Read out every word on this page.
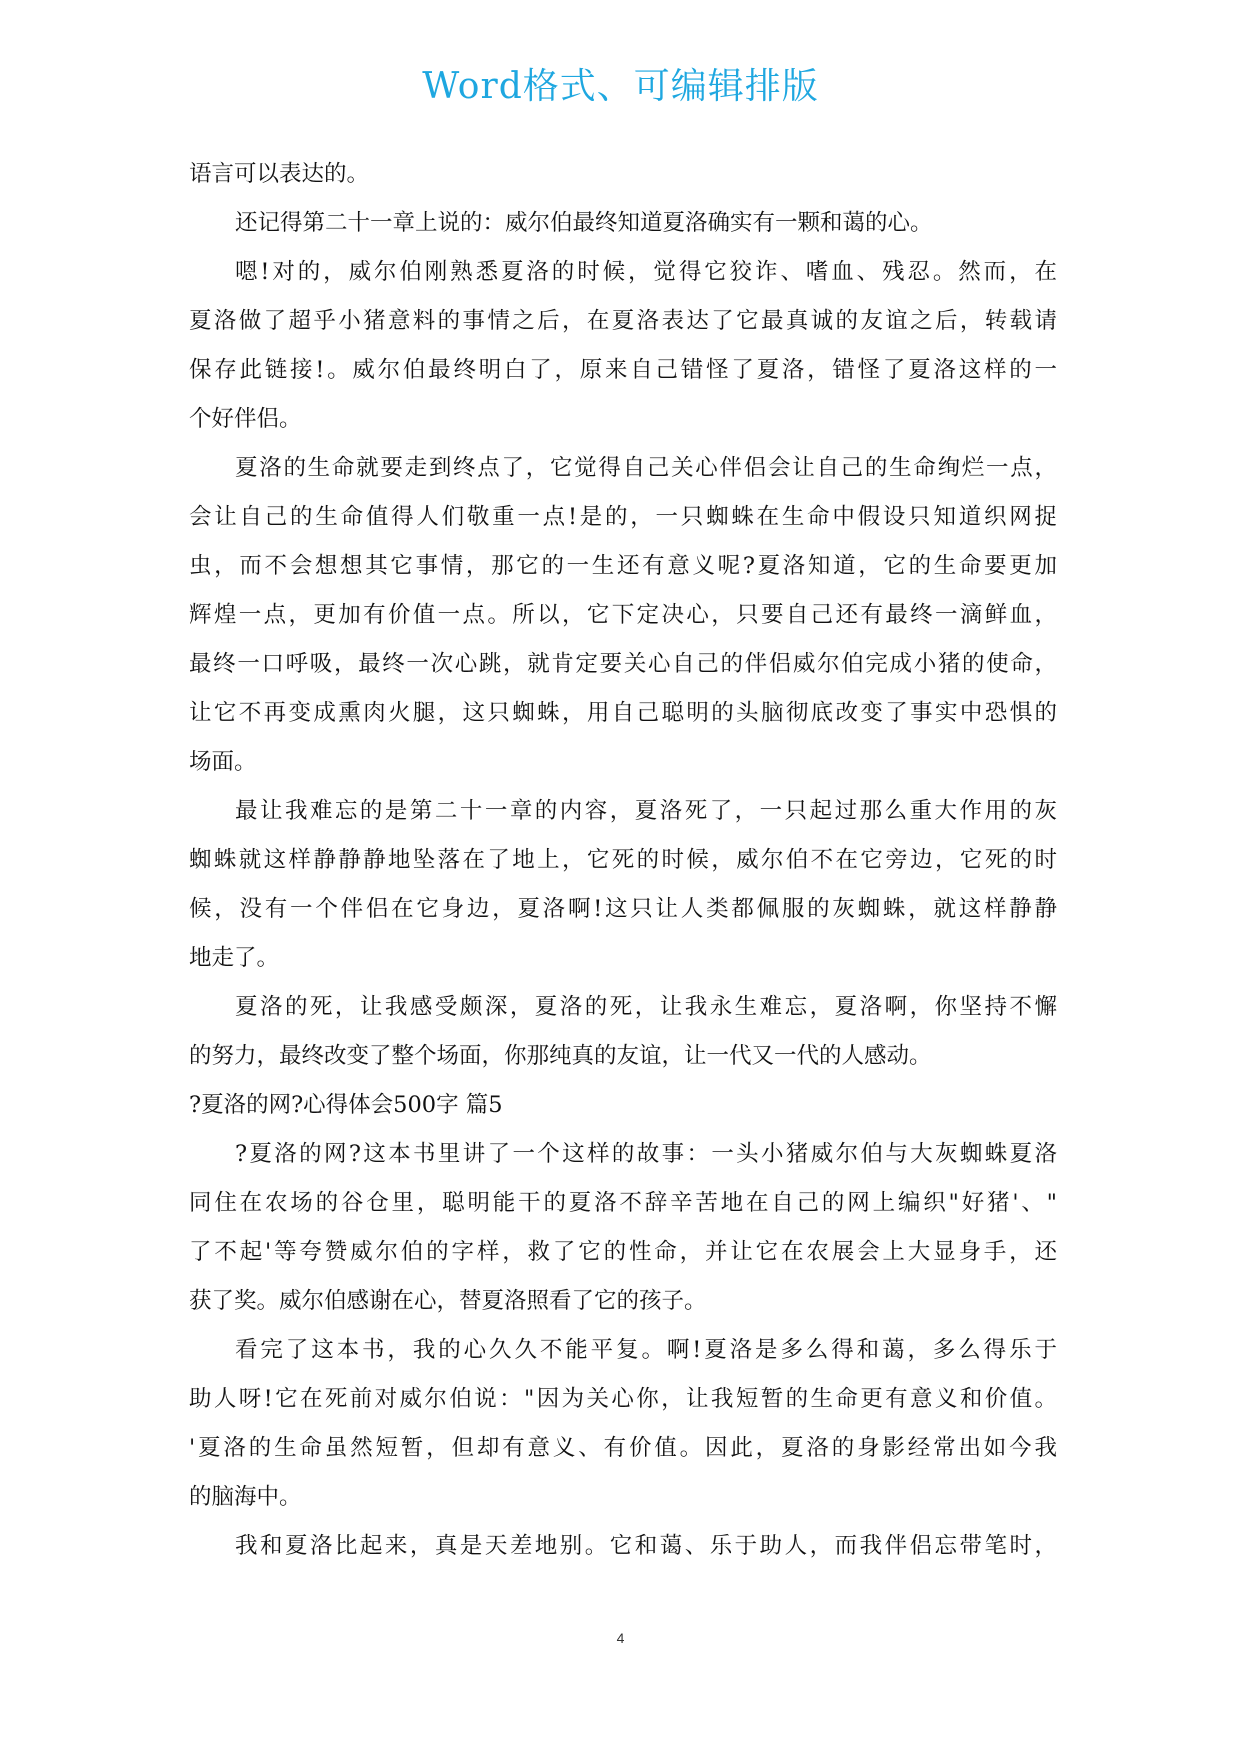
Word格式、可编辑排版
语言可以表达的。
还记得第二十一章上说的：威尔伯最终知道夏洛确实有一颗和蔼的心。
嗯!对的，威尔伯刚熟悉夏洛的时候，觉得它狡诈、嗜血、残忍。然而，在
夏洛做了超乎小猪意料的事情之后，在夏洛表达了它最真诚的友谊之后，转载请
保存此链接!。威尔伯最终明白了，原来自己错怪了夏洛，错怪了夏洛这样的一
个好伴侣。
夏洛的生命就要走到终点了，它觉得自己关心伴侣会让自己的生命绚烂一点，
会让自己的生命值得人们敬重一点!是的，一只蜘蛛在生命中假设只知道织网捉
虫，而不会想想其它事情，那它的一生还有意义呢?夏洛知道，它的生命要更加
辉煌一点，更加有价值一点。所以，它下定决心，只要自己还有最终一滴鲜血，
最终一口呼吸，最终一次心跳，就肯定要关心自己的伴侣威尔伯完成小猪的使命，
让它不再变成熏肉火腿，这只蜘蛛，用自己聪明的头脑彻底改变了事实中恐惧的
场面。
最让我难忘的是第二十一章的内容，夏洛死了，一只起过那么重大作用的灰
蜘蛛就这样静静静地坠落在了地上，它死的时候，威尔伯不在它旁边，它死的时
候，没有一个伴侣在它身边，夏洛啊!这只让人类都佩服的灰蜘蛛，就这样静静
地走了。
夏洛的死，让我感受颇深，夏洛的死，让我永生难忘，夏洛啊，你坚持不懈
的努力，最终改变了整个场面，你那纯真的友谊，让一代又一代的人感动。
?夏洛的网?心得体会500字 篇5
?夏洛的网?这本书里讲了一个这样的故事：一头小猪威尔伯与大灰蜘蛛夏洛
同住在农场的谷仓里，聪明能干的夏洛不辞辛苦地在自己的网上编织"好猪'、"
了不起'等夸赞威尔伯的字样，救了它的性命，并让它在农展会上大显身手，还
获了奖。威尔伯感谢在心，替夏洛照看了它的孩子。
看完了这本书，我的心久久不能平复。啊!夏洛是多么得和蔼，多么得乐于
助人呀!它在死前对威尔伯说："因为关心你，让我短暂的生命更有意义和价值。
'夏洛的生命虽然短暂，但却有意义、有价值。因此，夏洛的身影经常出如今我
的脑海中。
我和夏洛比起来，真是天差地别。它和蔼、乐于助人，而我伴侣忘带笔时，
4
